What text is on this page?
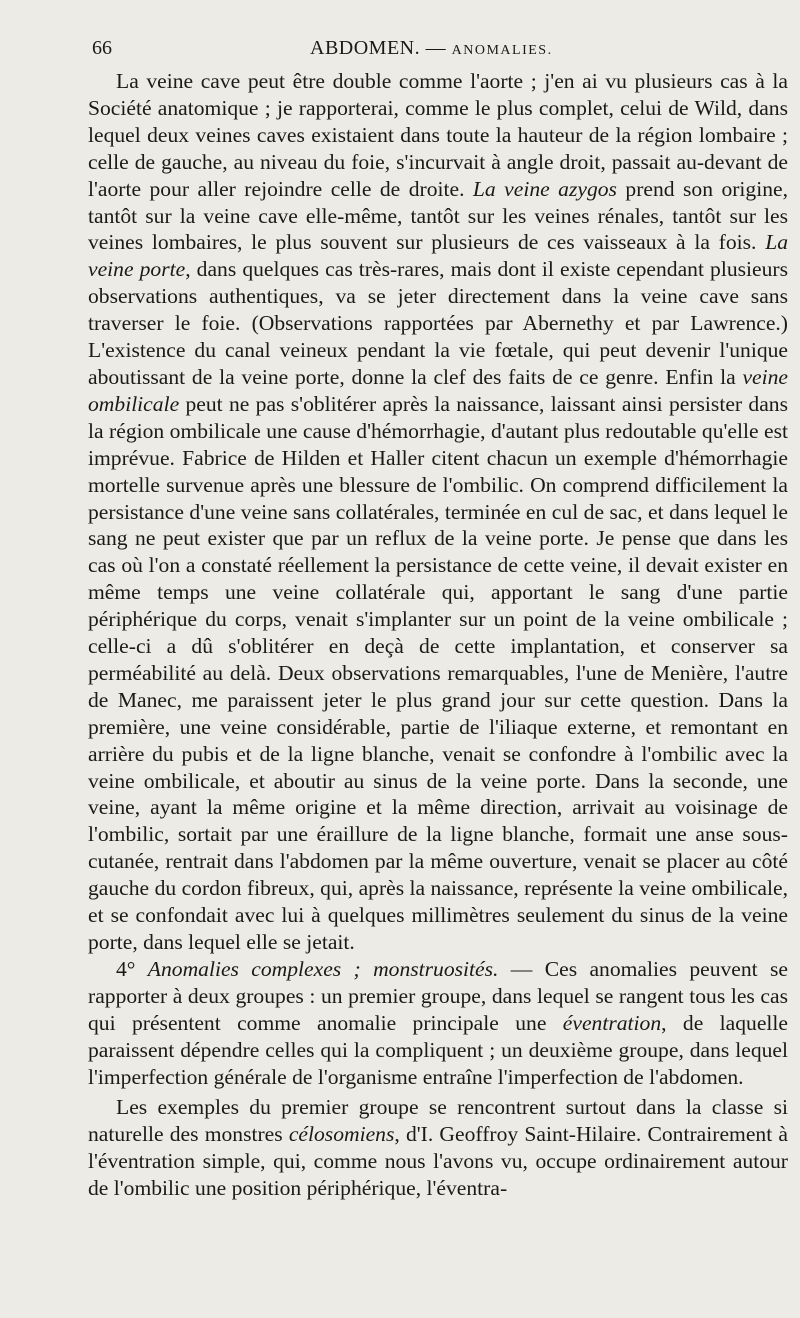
66	ABDOMEN. — ANOMALIES.

La veine cave peut être double comme l'aorte ; j'en ai vu plusieurs cas à la Société anatomique ; je rapporterai, comme le plus complet, celui de Wild, dans lequel deux veines caves existaient dans toute la hauteur de la région lombaire ; celle de gauche, au niveau du foie, s'incurvait à angle droit, passait au-devant de l'aorte pour aller rejoindre celle de droite. La veine azygos prend son origine, tantôt sur la veine cave elle-même, tantôt sur les veines rénales, tantôt sur les veines lombaires, le plus souvent sur plusieurs de ces vaisseaux à la fois. La veine porte, dans quelques cas très-rares, mais dont il existe cependant plusieurs observations authentiques, va se jeter directement dans la veine cave sans traverser le foie. (Observations rapportées par Abernethy et par Lawrence.) L'existence du canal veineux pendant la vie fœtale, qui peut devenir l'unique aboutissant de la veine porte, donne la clef des faits de ce genre. Enfin la veine ombilicale peut ne pas s'oblitérer après la naissance, laissant ainsi persister dans la région ombilicale une cause d'hémorrhagie, d'autant plus redoutable qu'elle est imprévue. Fabrice de Hilden et Haller citent chacun un exemple d'hémorrhagie mortelle survenue après une blessure de l'ombilic. On comprend difficilement la persistance d'une veine sans collatérales, terminée en cul de sac, et dans lequel le sang ne peut exister que par un reflux de la veine porte. Je pense que dans les cas où l'on a constaté réellement la persistance de cette veine, il devait exister en même temps une veine collatérale qui, apportant le sang d'une partie périphérique du corps, venait s'implanter sur un point de la veine ombilicale ; celle-ci a dû s'oblitérer en deçà de cette implantation, et conserver sa perméabilité au delà. Deux observations remarquables, l'une de Menière, l'autre de Manec, me paraissent jeter le plus grand jour sur cette question. Dans la première, une veine considérable, partie de l'iliaque externe, et remontant en arrière du pubis et de la ligne blanche, venait se confondre à l'ombilic avec la veine ombilicale, et aboutir au sinus de la veine porte. Dans la seconde, une veine, ayant la même origine et la même direction, arrivait au voisinage de l'ombilic, sortait par une éraillure de la ligne blanche, formait une anse sous-cutanée, rentrait dans l'abdomen par la même ouverture, venait se placer au côté gauche du cordon fibreux, qui, après la naissance, représente la veine ombilicale, et se confondait avec lui à quelques millimètres seulement du sinus de la veine porte, dans lequel elle se jetait.

4° Anomalies complexes ; monstruosités. — Ces anomalies peuvent se rapporter à deux groupes : un premier groupe, dans lequel se rangent tous les cas qui présentent comme anomalie principale une éventration, de laquelle paraissent dépendre celles qui la compliquent ; un deuxième groupe, dans lequel l'imperfection générale de l'organisme entraîne l'imperfection de l'abdomen.

Les exemples du premier groupe se rencontrent surtout dans la classe si naturelle des monstres célosomiens, d'I. Geoffroy Saint-Hilaire. Contrairement à l'éventration simple, qui, comme nous l'avons vu, occupe ordinairement autour de l'ombilic une position périphérique, l'éventra-
